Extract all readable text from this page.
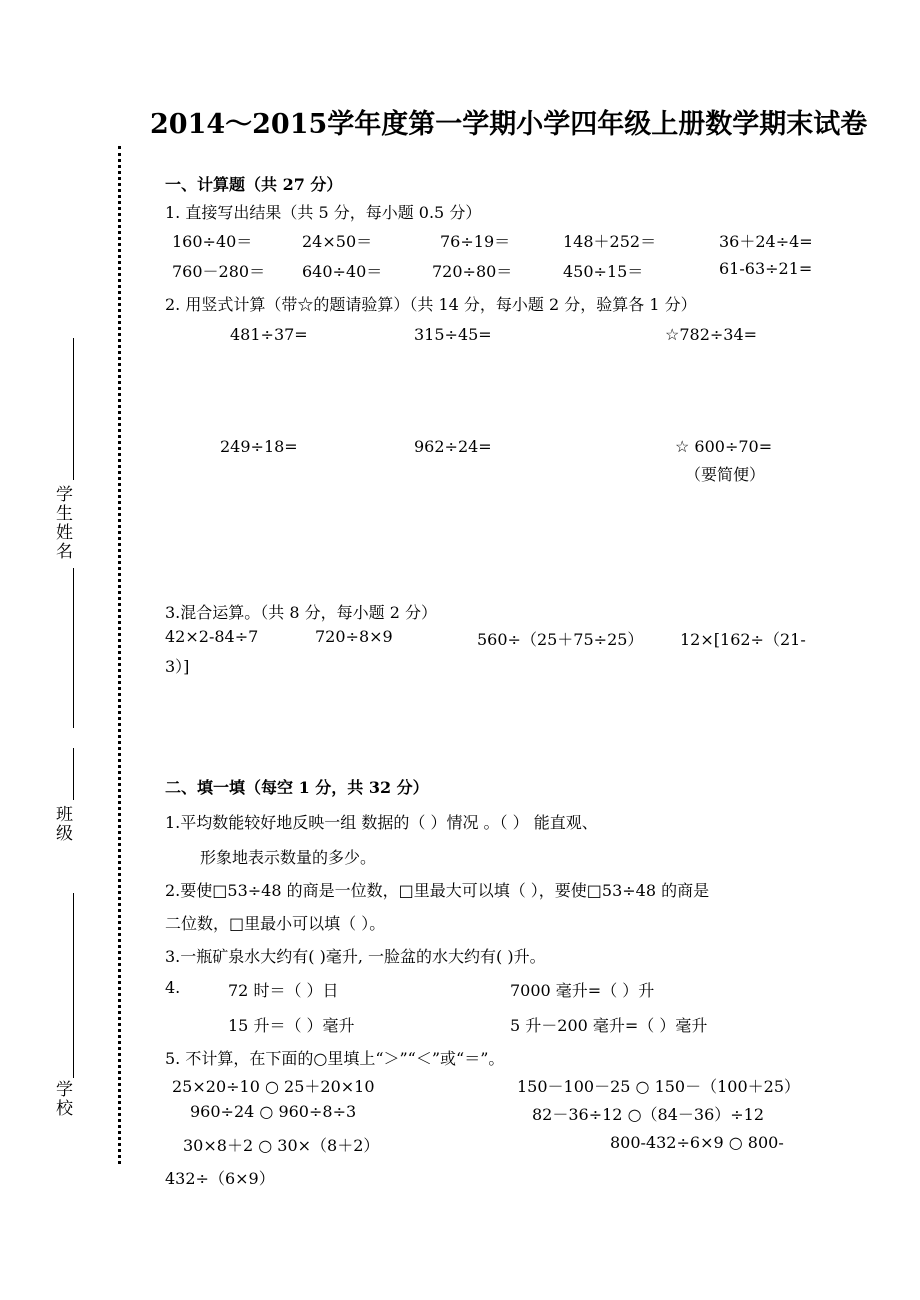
学生姓名
班级
学校
2014～2015学年度第一学期小学四年级上册数学期末试卷
一、计算题（共 27 分）
1. 直接写出结果（共 5 分，每小题 0.5 分）
160÷40＝	24×50＝	76÷19＝	148＋252＝	36＋24÷4=
760－280＝ 640÷40＝	720÷80＝	450÷15＝	61-63÷21=
2. 用竖式计算（带☆的题请验算）（共 14 分，每小题 2 分，验算各 1 分）
481÷37=	315÷45=	☆782÷34=
249÷18=	962÷24=	☆ 600÷70=
（要简便）
3.混合运算。（共 8 分，每小题 2 分）
42×2-84÷7	720÷8×9	560÷（25＋75÷25） 12×[162÷（21-
3）]
二、填一填（每空 1 分，共 32 分）
1.平均数能较好地反映一组 数据的（ ）情况 。（ ） 能直观、
形象地表示数量的多少。
2.要使□53÷48 的商是一位数，□里最大可以填（ ），要使□53÷48 的商是
二位数，□里最小可以填（ ）。
3.一瓶矿泉水大约有( )毫升, 一脸盆的水大约有( )升。
4.	72 时＝（ ）日	7000 毫升=（ ）升
15 升＝（ ）毫升	5 升－200 毫升=（ ）毫升
5. 不计算，在下面的○里填上“＞”“＜”或“＝”。
25×20÷10 ○ 25＋20×10	150－100－25 ○ 150－（100＋25）
960÷24 ○ 960÷8÷3	82－36÷12 ○（84－36）÷12
30×8＋2 ○ 30×（8＋2）	800-432÷6×9 ○ 800-
432÷（6×9）
